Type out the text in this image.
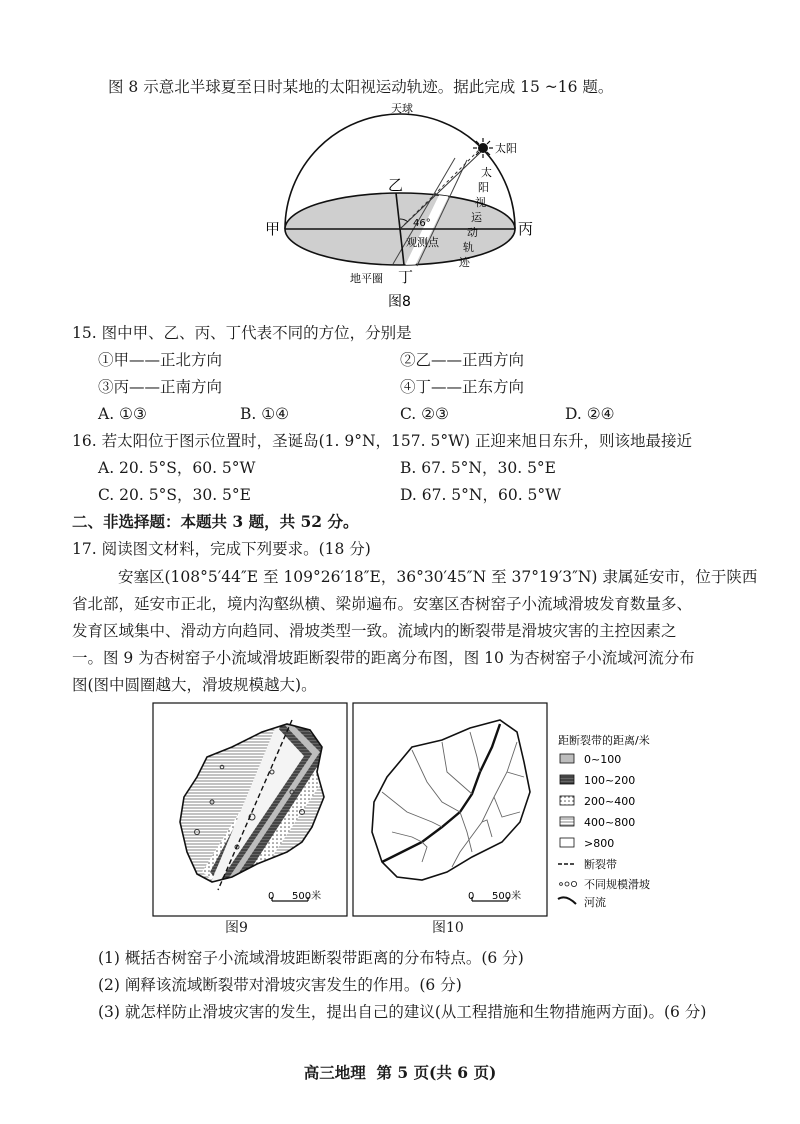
图 8 示意北半球夏至日时某地的太阳视运动轨迹。据此完成 15 ~16 题。
天球
太阳
太
阳
视
运
动
轨
迹
乙
甲	丙
丁
46°
观测点
地平圈
图8
15. 图中甲、乙、丙、丁代表不同的方位，分别是
①甲——正北方向	②乙——正西方向
③丙——正南方向	④丁——正东方向
A. ①③	B. ①④	C. ②③	D. ②④
16. 若太阳位于图示位置时，圣诞岛(1. 9°N，157. 5°W) 正迎来旭日东升，则该地最接近
A. 20. 5°S，60. 5°W	B. 67. 5°N，30. 5°E
C. 20. 5°S，30. 5°E	D. 67. 5°N，60. 5°W
二、非选择题：本题共 3 题，共 52 分。
17. 阅读图文材料，完成下列要求。(18 分)
安塞区(108°5′44″E 至 109°26′18″E，36°30′45″N 至 37°19′3″N) 隶属延安市，位于陕西
省北部，延安市正北，境内沟壑纵横、梁峁遍布。安塞区杏树窑子小流域滑坡发育数量多、
发育区域集中、滑动方向趋同、滑坡类型一致。流域内的断裂带是滑坡灾害的主控因素之
一。图 9 为杏树窑子小流域滑坡距断裂带的距离分布图，图 10 为杏树窑子小流域河流分布
图(图中圆圈越大，滑坡规模越大)。
0 500米
图9
0 500米
图10
距断裂带的距离/米
0~100
100~200
200~400
400~800
>800
断裂带
不同规模滑坡
河流
(1) 概括杏树窑子小流域滑坡距断裂带距离的分布特点。(6 分)
(2) 阐释该流域断裂带对滑坡灾害发生的作用。(6 分)
(3) 就怎样防止滑坡灾害的发生，提出自己的建议(从工程措施和生物措施两方面)。(6 分)
高三地理  第 5 页(共 6 页)
